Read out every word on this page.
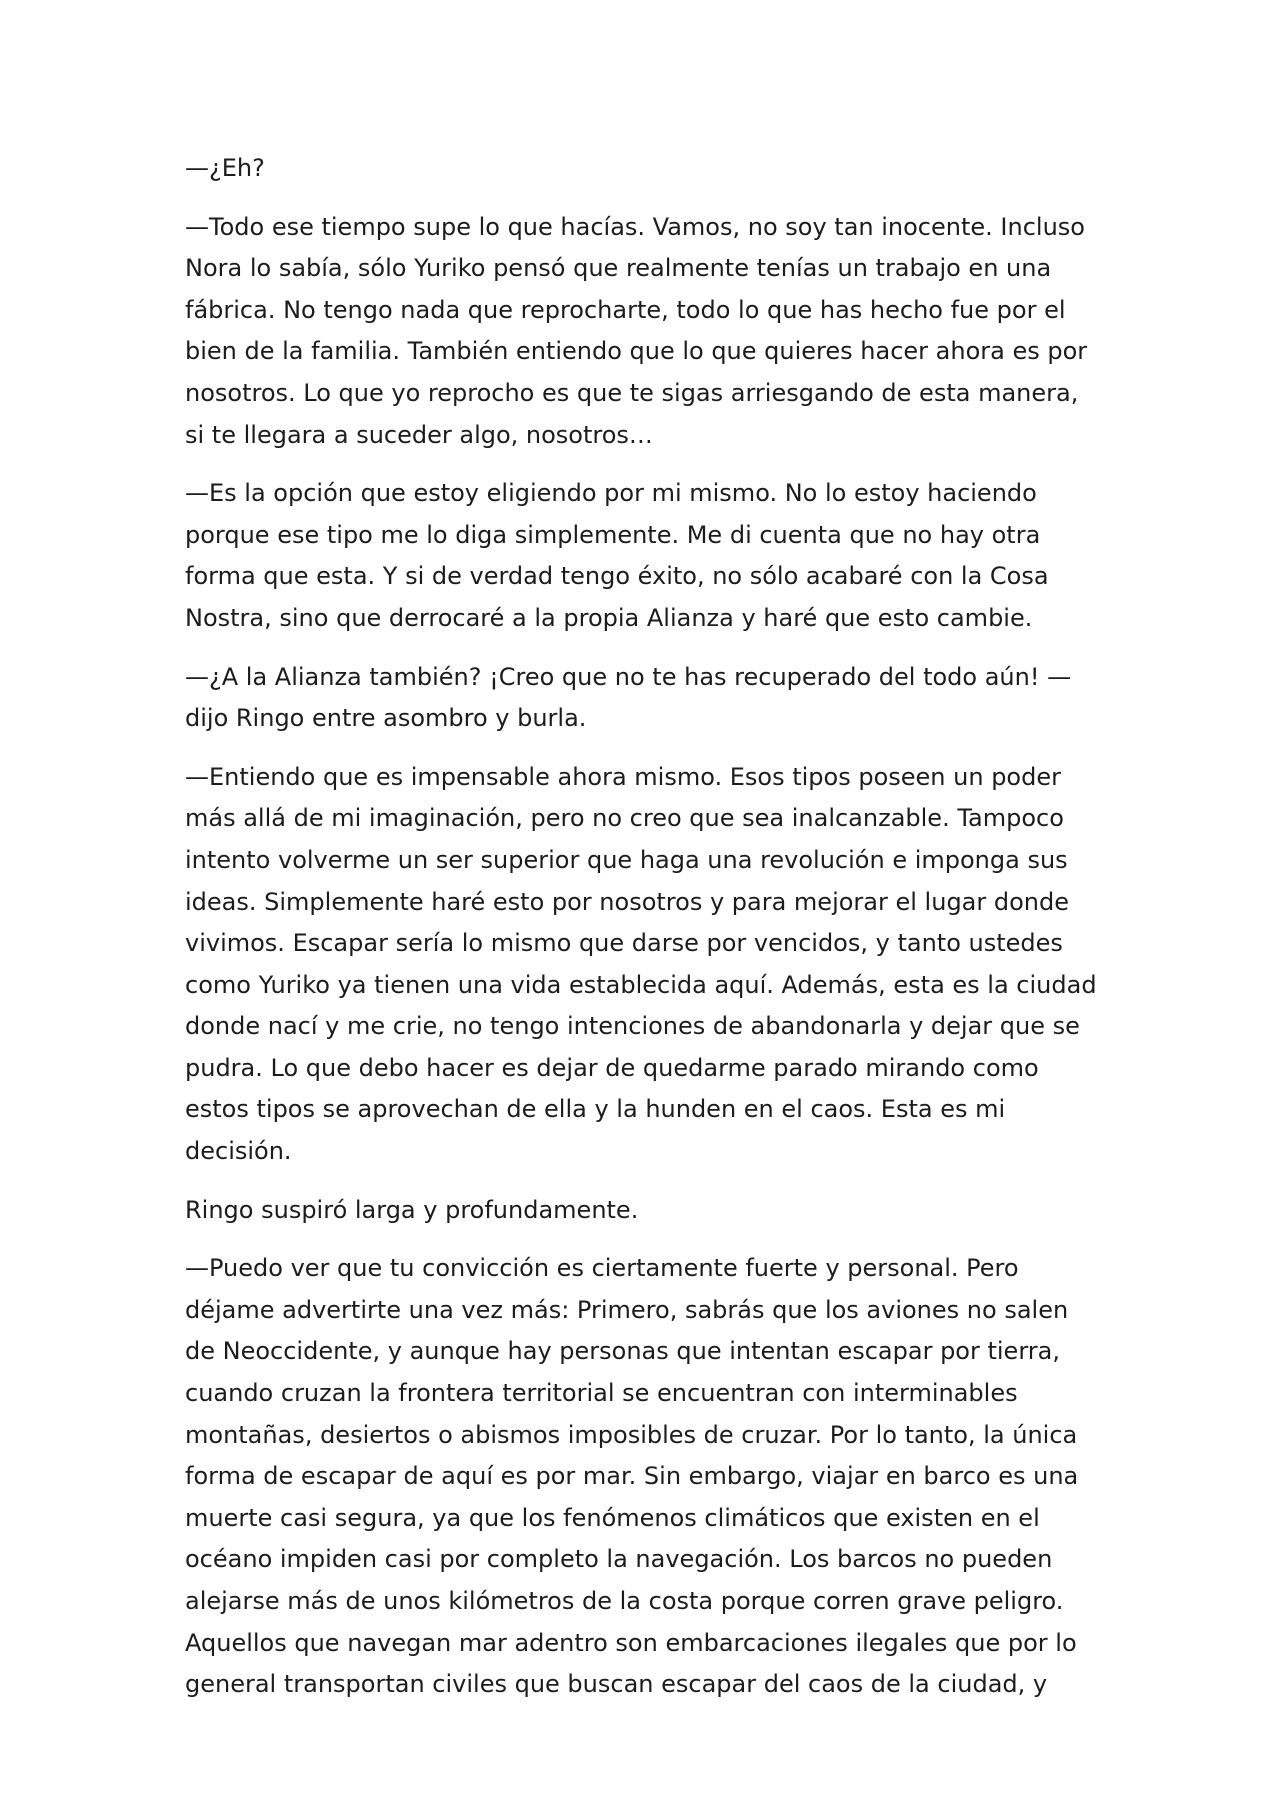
—¿Eh?

—Todo ese tiempo supe lo que hacías. Vamos, no soy tan inocente. Incluso Nora lo sabía, sólo Yuriko pensó que realmente tenías un trabajo en una fábrica. No tengo nada que reprocharte, todo lo que has hecho fue por el bien de la familia. También entiendo que lo que quieres hacer ahora es por nosotros. Lo que yo reprocho es que te sigas arriesgando de esta manera, si te llegara a suceder algo, nosotros…

—Es la opción que estoy eligiendo por mi mismo. No lo estoy haciendo porque ese tipo me lo diga simplemente. Me di cuenta que no hay otra forma que esta. Y si de verdad tengo éxito, no sólo acabaré con la Cosa Nostra, sino que derrocaré a la propia Alianza y haré que esto cambie.

—¿A la Alianza también? ¡Creo que no te has recuperado del todo aún! —dijo Ringo entre asombro y burla.

—Entiendo que es impensable ahora mismo. Esos tipos poseen un poder más allá de mi imaginación, pero no creo que sea inalcanzable. Tampoco intento volverme un ser superior que haga una revolución e imponga sus ideas. Simplemente haré esto por nosotros y para mejorar el lugar donde vivimos. Escapar sería lo mismo que darse por vencidos, y tanto ustedes como Yuriko ya tienen una vida establecida aquí. Además, esta es la ciudad donde nací y me crie, no tengo intenciones de abandonarla y dejar que se pudra. Lo que debo hacer es dejar de quedarme parado mirando como estos tipos se aprovechan de ella y la hunden en el caos. Esta es mi decisión.

Ringo suspiró larga y profundamente.

—Puedo ver que tu convicción es ciertamente fuerte y personal. Pero déjame advertirte una vez más: Primero, sabrás que los aviones no salen de Neoccidente, y aunque hay personas que intentan escapar por tierra, cuando cruzan la frontera territorial se encuentran con interminables montañas, desiertos o abismos imposibles de cruzar. Por lo tanto, la única forma de escapar de aquí es por mar. Sin embargo, viajar en barco es una muerte casi segura, ya que los fenómenos climáticos que existen en el océano impiden casi por completo la navegación. Los barcos no pueden alejarse más de unos kilómetros de la costa porque corren grave peligro. Aquellos que navegan mar adentro son embarcaciones ilegales que por lo general transportan civiles que buscan escapar del caos de la ciudad, y
